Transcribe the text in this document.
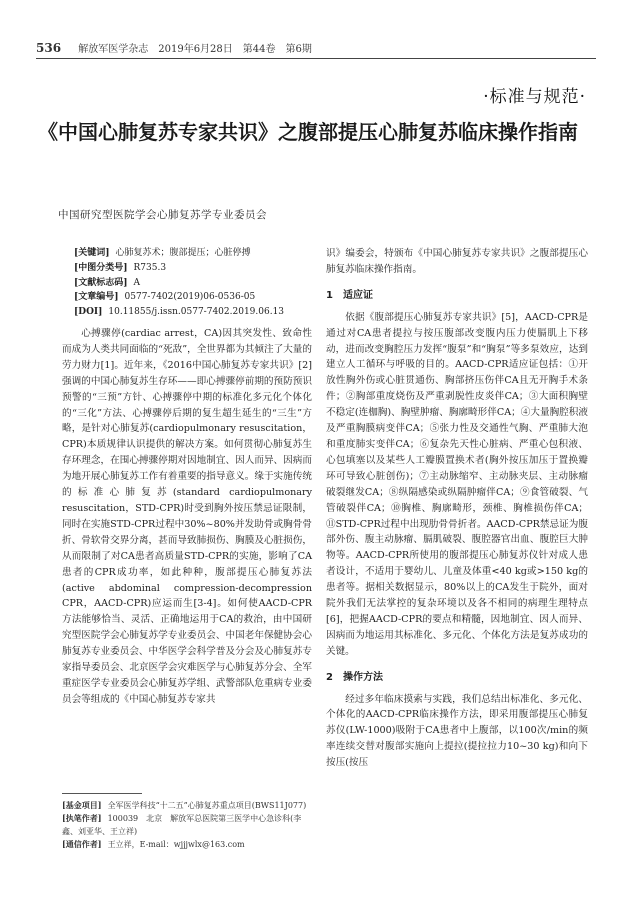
536 解放军医学杂志　2019年6月28日　第44卷　第6期
·标准与规范·
《中国心肺复苏专家共识》之腹部提压心肺复苏临床操作指南
中国研究型医院学会心肺复苏学专业委员会
[关键词] 心肺复苏术；腹部提压；心脏停搏
[中图分类号] R735.3
[文献标志码] A
[文章编号] 0577-7402(2019)06-0536-05
[DOI] 10.11855/j.issn.0577-7402.2019.06.13

心搏骤停(cardiac arrest，CA)因其突发性、致命性而成为人类共同面临的“死敌”，全世界都为其倾注了大量的劳力财力[1]。近年来，《2016中国心肺复苏专家共识》[2]强调的中国心肺复苏生存环——即心搏骤停前期的预防预识预警的“三预”方针、心搏骤停中期的标准化多元化个体化的“三化”方法、心搏骤停后期的复生超生延生的“三生”方略，是针对心肺复苏(cardiopulmonary resuscitation，CPR)本质规律认识提供的解决方案。如何贯彻心肺复苏生存环理念，在围心搏骤停期对因地制宜、因人而异、因病而为地开展心肺复苏工作有着重要的指导意义。缘于实施传统的标准心肺复苏(standard cardiopulmonary resuscitation，STD-CPR)时受到胸外按压禁忌证限制，同时在实施STD-CPR过程中30%~80%并发助骨或胸骨骨折、骨软骨交界分离，甚而导致肺损伤、胸膜及心脏损伤，从而限制了对CA患者高质量STD-CPR的实施，影响了CA患者的CPR成功率，如此种种，腹部提压心肺复苏法(active abdominal compression-decompression CPR，AACD-CPR)应运而生[3-4]。如何使AACD-CPR方法能够恰当、灵活、正确地运用于CA的救治，由中国研究型医院学会心肺复苏学专业委员会、中国老年保健协会心肺复苏专业委员会、中华医学会科学普及分会及心肺复苏专家指导委员会、北京医学会灾难医学与心肺复苏分会、全军重症医学专业委员会心肺复苏学组、武警部队危重病专业委员会等组成的《中国心肺复苏专家共

识》编委会，特颁布《中国心肺复苏专家共识》之腹部提压心肺复苏临床操作指南。

1　适应证

依据《腹部提压心肺复苏专家共识》[5]，AACD-CPR是通过对CA患者提拉与按压腹部改变腹内压力使膈肌上下移动，进而改变胸腔压力发挥“腹泵”和“胸泵”等多泵效应，达到建立人工循环与呼吸的目的。AACD-CPR适应证包括：①开放性胸外伤或心脏贯通伤、胸部挤压伤伴CA且无开胸手术条件；②胸部重度烧伤及严重剥脱性皮炎伴CA；③大面积胸壁不稳定(连枷胸)、胸壁肿瘤、胸廓畸形伴CA；④大量胸腔积液及严重胸膜病变伴CA；⑤张力性及交通性气胸、严重肺大泡和重度肺实变伴CA；⑥复杂先天性心脏病、严重心包积液、心包填塞以及某些人工瓣膜置换术者(胸外按压加压于置换瓣环可导致心脏创伤)；⑦主动脉缩窄、主动脉夹层、主动脉瘤破裂继发CA；⑧纵隔感染或纵隔肿瘤伴CA；⑨食管破裂、气管破裂伴CA；⑩胸椎、胸廓畸形，颈椎、胸椎损伤伴CA；⑪STD-CPR过程中出现肋骨骨折者。AACD-CPR禁忌证为腹部外伤、腹主动脉瘤、膈肌破裂、腹腔器官出血、腹腔巨大肿物等。AACD-CPR所使用的腹部提压心肺复苏仪针对成人患者设计，不适用于婴幼儿、儿童及体重<40 kg或>150 kg的患者等。据相关数据显示，80%以上的CA发生于院外，面对院外我们无法掌控的复杂环境以及各不相同的病理生理特点[6]，把握AACD-CPR的要点和精髓，因地制宜、因人而异、因病而为地运用其标准化、多元化、个体化方法是复苏成功的关键。

2　操作方法

经过多年临床摸索与实践，我们总结出标准化、多元化、个体化的AACD-CPR临床操作方法，即采用腹部提压心肺复苏仪(LW-1000)吸附于CA患者中上腹部，以100次/min的频率连续交替对腹部实施向上提拉(提拉拉力10~30 kg)和向下按压(按压

[基金项目] 全军医学科技“十二五”心肺复苏重点项目(BWS11J077)
[执笔作者] 100039　北京　解放军总医院第三医学中心急诊科(李鑫、刘亚华、王立祥)
[通信作者] 王立祥，E-mail：wjjjwlx@163.com
